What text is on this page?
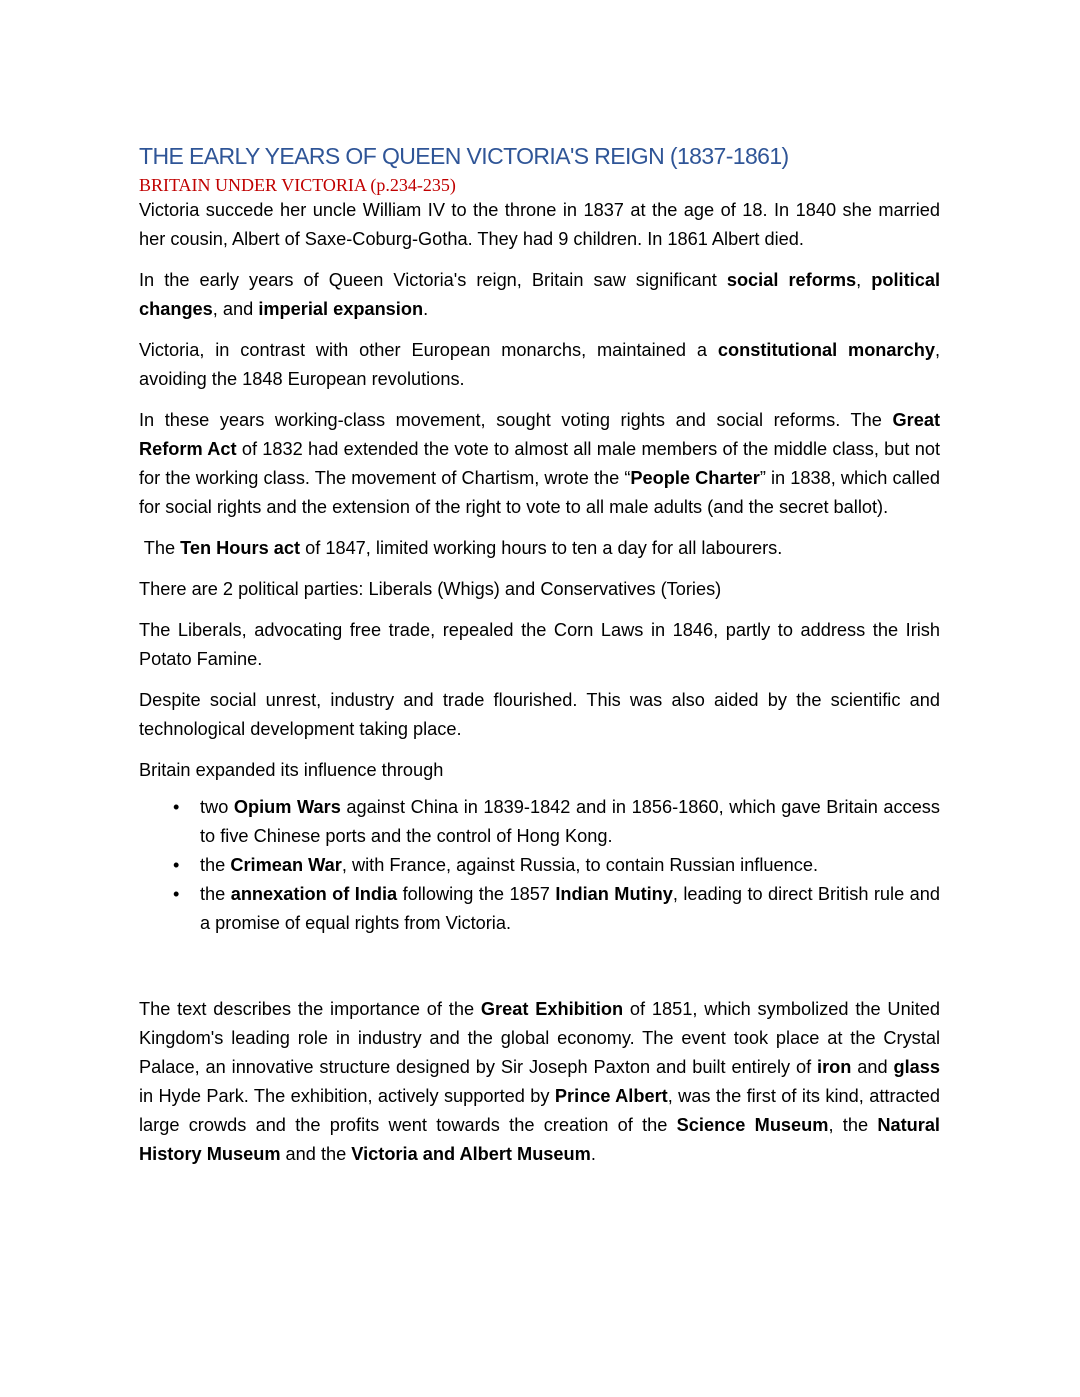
THE EARLY YEARS OF QUEEN VICTORIA'S REIGN (1837-1861)
BRITAIN UNDER VICTORIA (p.234-235)

Victoria succede her uncle William IV to the throne in 1837 at the age of 18. In 1840 she married her cousin, Albert of Saxe-Coburg-Gotha. They had 9 children. In 1861 Albert died.

In the early years of Queen Victoria's reign, Britain saw significant social reforms, political changes, and imperial expansion.

Victoria, in contrast with other European monarchs, maintained a constitutional monarchy, avoiding the 1848 European revolutions.

In these years working-class movement, sought voting rights and social reforms. The Great Reform Act of 1832 had extended the vote to almost all male members of the middle class, but not for the working class. The movement of Chartism, wrote the “People Charter” in 1838, which called for social rights and the extension of the right to vote to all male adults (and the secret ballot).

The Ten Hours act of 1847, limited working hours to ten a day for all labourers.

There are 2 political parties: Liberals (Whigs) and Conservatives (Tories)

The Liberals, advocating free trade, repealed the Corn Laws in 1846, partly to address the Irish Potato Famine.

Despite social unrest, industry and trade flourished. This was also aided by the scientific and technological development taking place.

Britain expanded its influence through

• two Opium Wars against China in 1839-1842 and in 1856-1860, which gave Britain access to five Chinese ports and the control of Hong Kong.
• the Crimean War, with France, against Russia, to contain Russian influence.
• the annexation of India following the 1857 Indian Mutiny, leading to direct British rule and a promise of equal rights from Victoria.

The text describes the importance of the Great Exhibition of 1851, which symbolized the United Kingdom's leading role in industry and the global economy. The event took place at the Crystal Palace, an innovative structure designed by Sir Joseph Paxton and built entirely of iron and glass in Hyde Park. The exhibition, actively supported by Prince Albert, was the first of its kind, attracted large crowds and the profits went towards the creation of the Science Museum, the Natural History Museum and the Victoria and Albert Museum.
